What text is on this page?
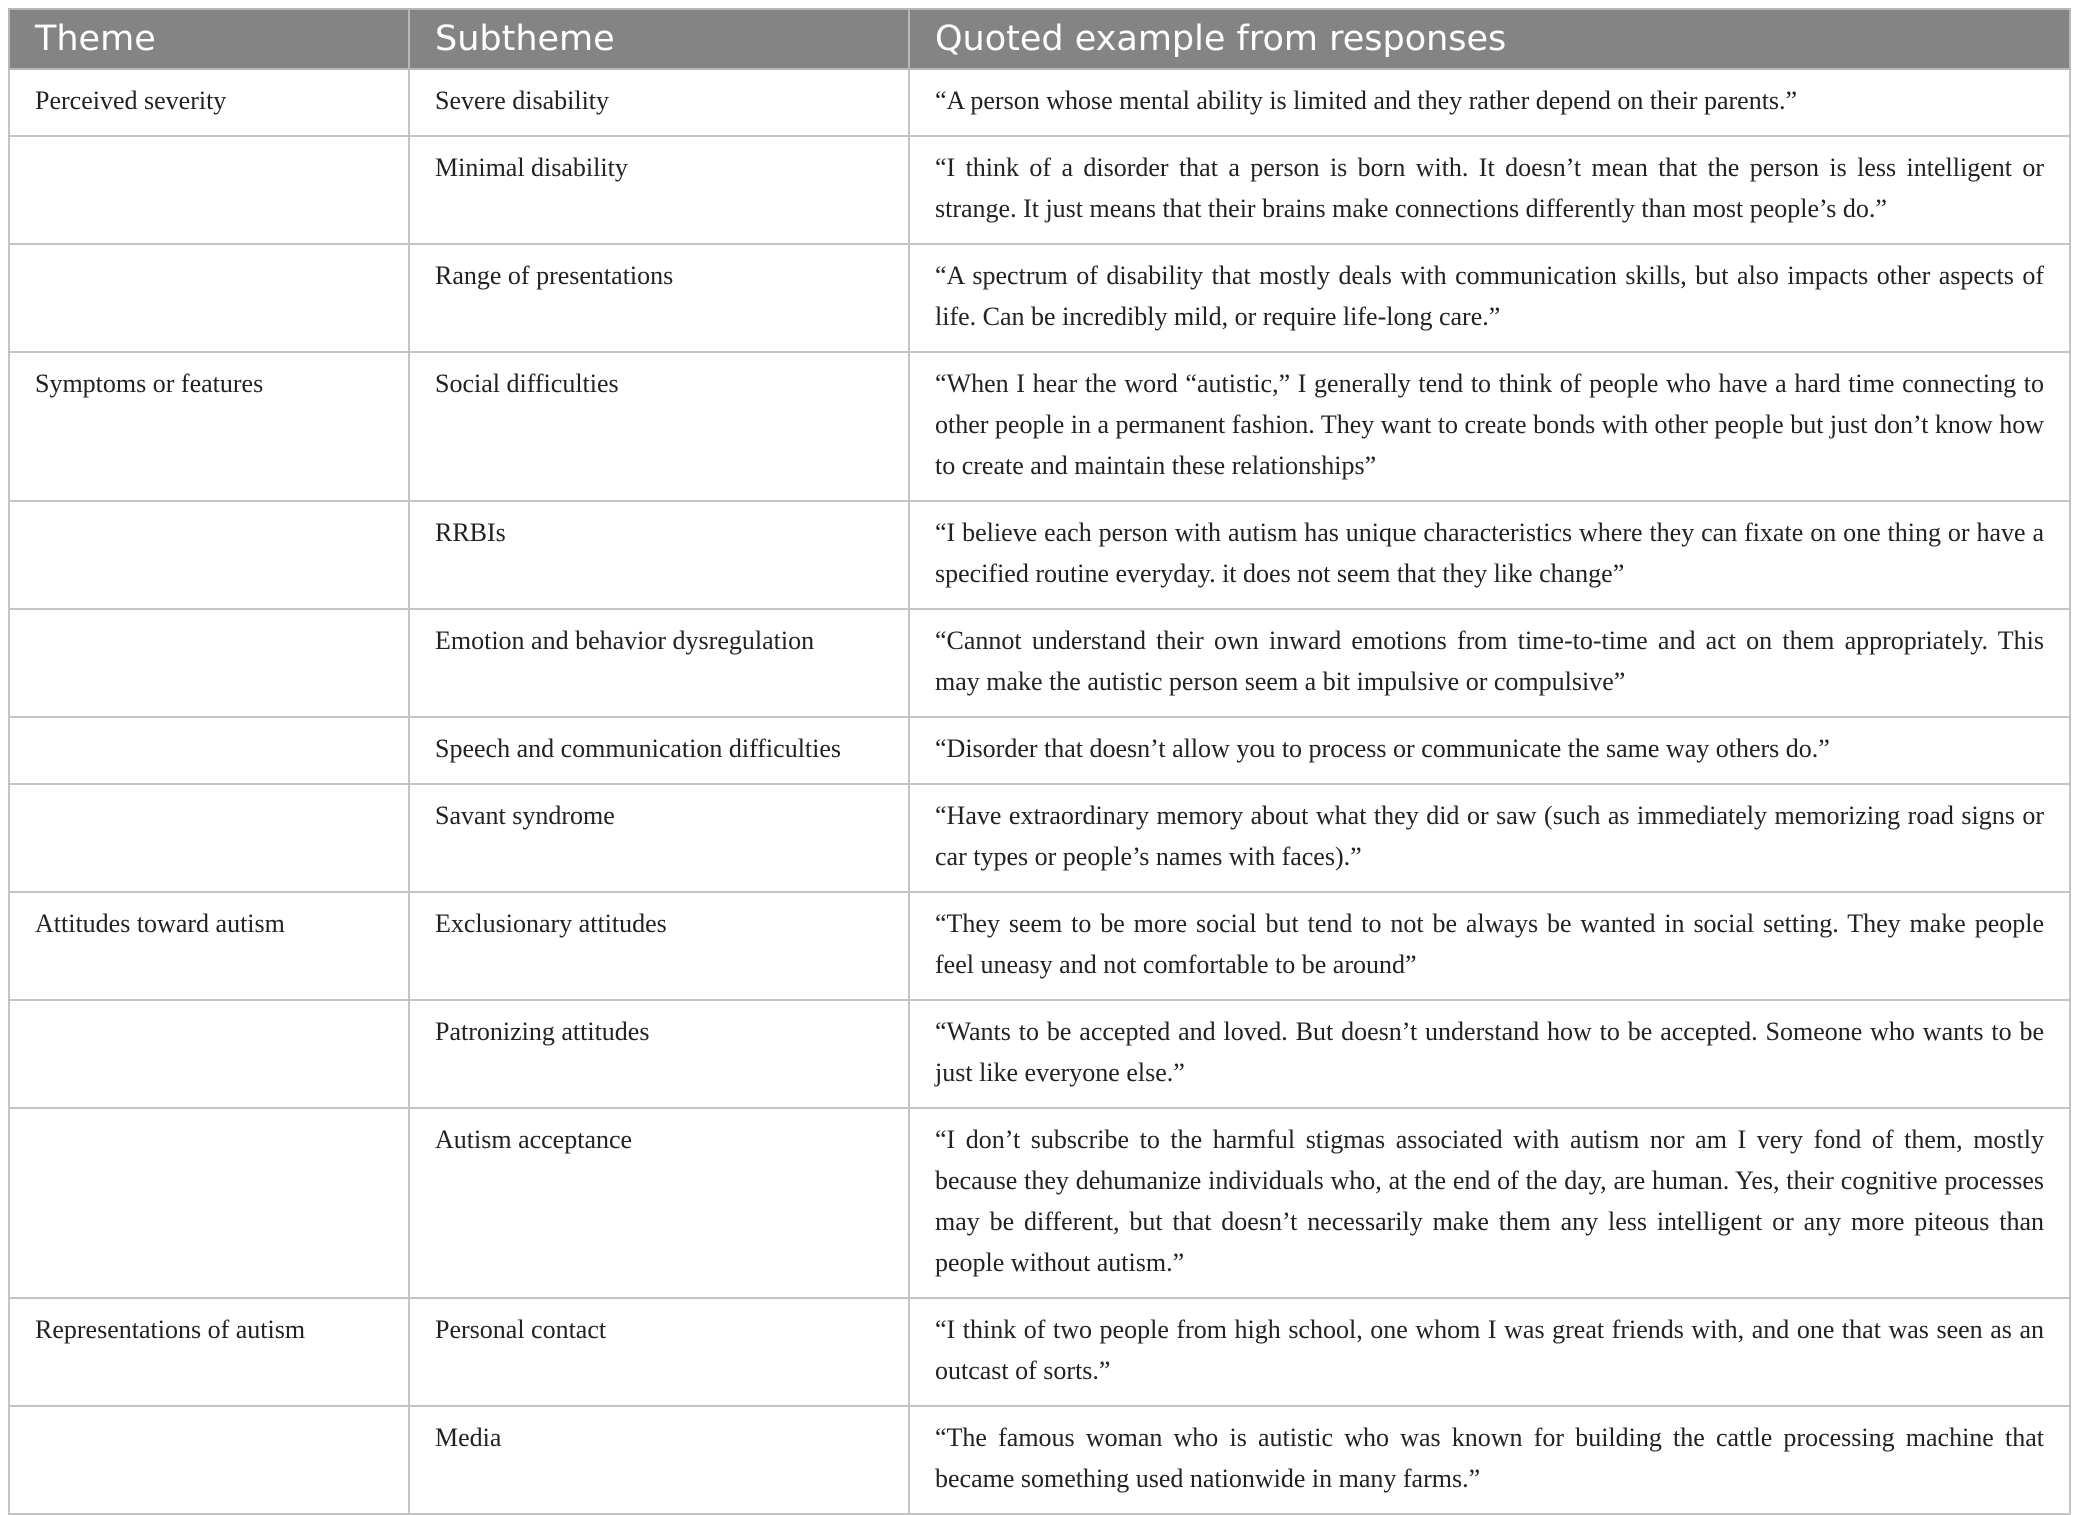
Theme	Subtheme	Quoted example from responses
Perceived severity	Severe disability	“A person whose mental ability is limited and they rather depend on their parents.”
	Minimal disability	“I think of a disorder that a person is born with. It doesn’t mean that the person is less intelligent or strange. It just means that their brains make connections differently than most people’s do.”
	Range of presentations	“A spectrum of disability that mostly deals with communication skills, but also impacts other aspects of life. Can be incredibly mild, or require life-long care.”
Symptoms or features	Social difficulties	“When I hear the word “autistic,” I generally tend to think of people who have a hard time connecting to other people in a permanent fashion. They want to create bonds with other people but just don’t know how to create and maintain these relationships”
	RRBIs	“I believe each person with autism has unique characteristics where they can fixate on one thing or have a specified routine everyday. it does not seem that they like change”
	Emotion and behavior dysregulation	“Cannot understand their own inward emotions from time-to-time and act on them appropriately. This may make the autistic person seem a bit impulsive or compulsive”
	Speech and communication difficulties	“Disorder that doesn’t allow you to process or communicate the same way others do.”
	Savant syndrome	“Have extraordinary memory about what they did or saw (such as immediately memorizing road signs or car types or people’s names with faces).”
Attitudes toward autism	Exclusionary attitudes	“They seem to be more social but tend to not be always be wanted in social setting. They make people feel uneasy and not comfortable to be around”
	Patronizing attitudes	“Wants to be accepted and loved. But doesn’t understand how to be accepted. Someone who wants to be just like everyone else.”
	Autism acceptance	“I don’t subscribe to the harmful stigmas associated with autism nor am I very fond of them, mostly because they dehumanize individuals who, at the end of the day, are human. Yes, their cognitive processes may be different, but that doesn’t necessarily make them any less intelligent or any more piteous than people without autism.”
Representations of autism	Personal contact	“I think of two people from high school, one whom I was great friends with, and one that was seen as an outcast of sorts.”
	Media	“The famous woman who is autistic who was known for building the cattle processing machine that became something used nationwide in many farms.”
